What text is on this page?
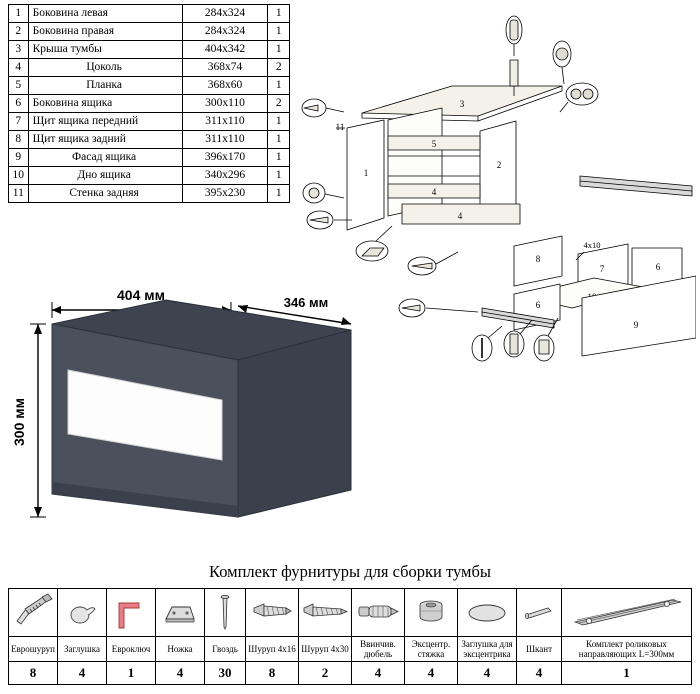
1	Боковина левая	284х324	1
2	Боковина правая	284х324	1
3	Крыша тумбы	404х342	1
4	Цоколь	368х74	2
5	Планка	368х60	1
6	Боковина ящика	300х110	2
7	Щит ящика передний	311х110	1
8	Щит ящика задний	311х110	1
9	Фасад ящика	396х170	1
10	Дно ящика	340х296	1
11	Стенка задняя	395х230	1
3
1
2
11
5
4
4
8
6
7
6
9
4х10
404 мм	346 мм
300 мм
Комплект фурнитуры для сборки тумбы

Еврошуруп	Заглушка	Еврoключ	Ножка	Гвоздь	Шуруп 4х16	Шуруп 4х30	Ввинчив. дюбель	Эксцентр. стяжка	Заглушка для эксцентрика	Шкант	Комплект роликовых направляющих L=300мм
8	4	1	4	30	8	2	4	4	4	4	1
